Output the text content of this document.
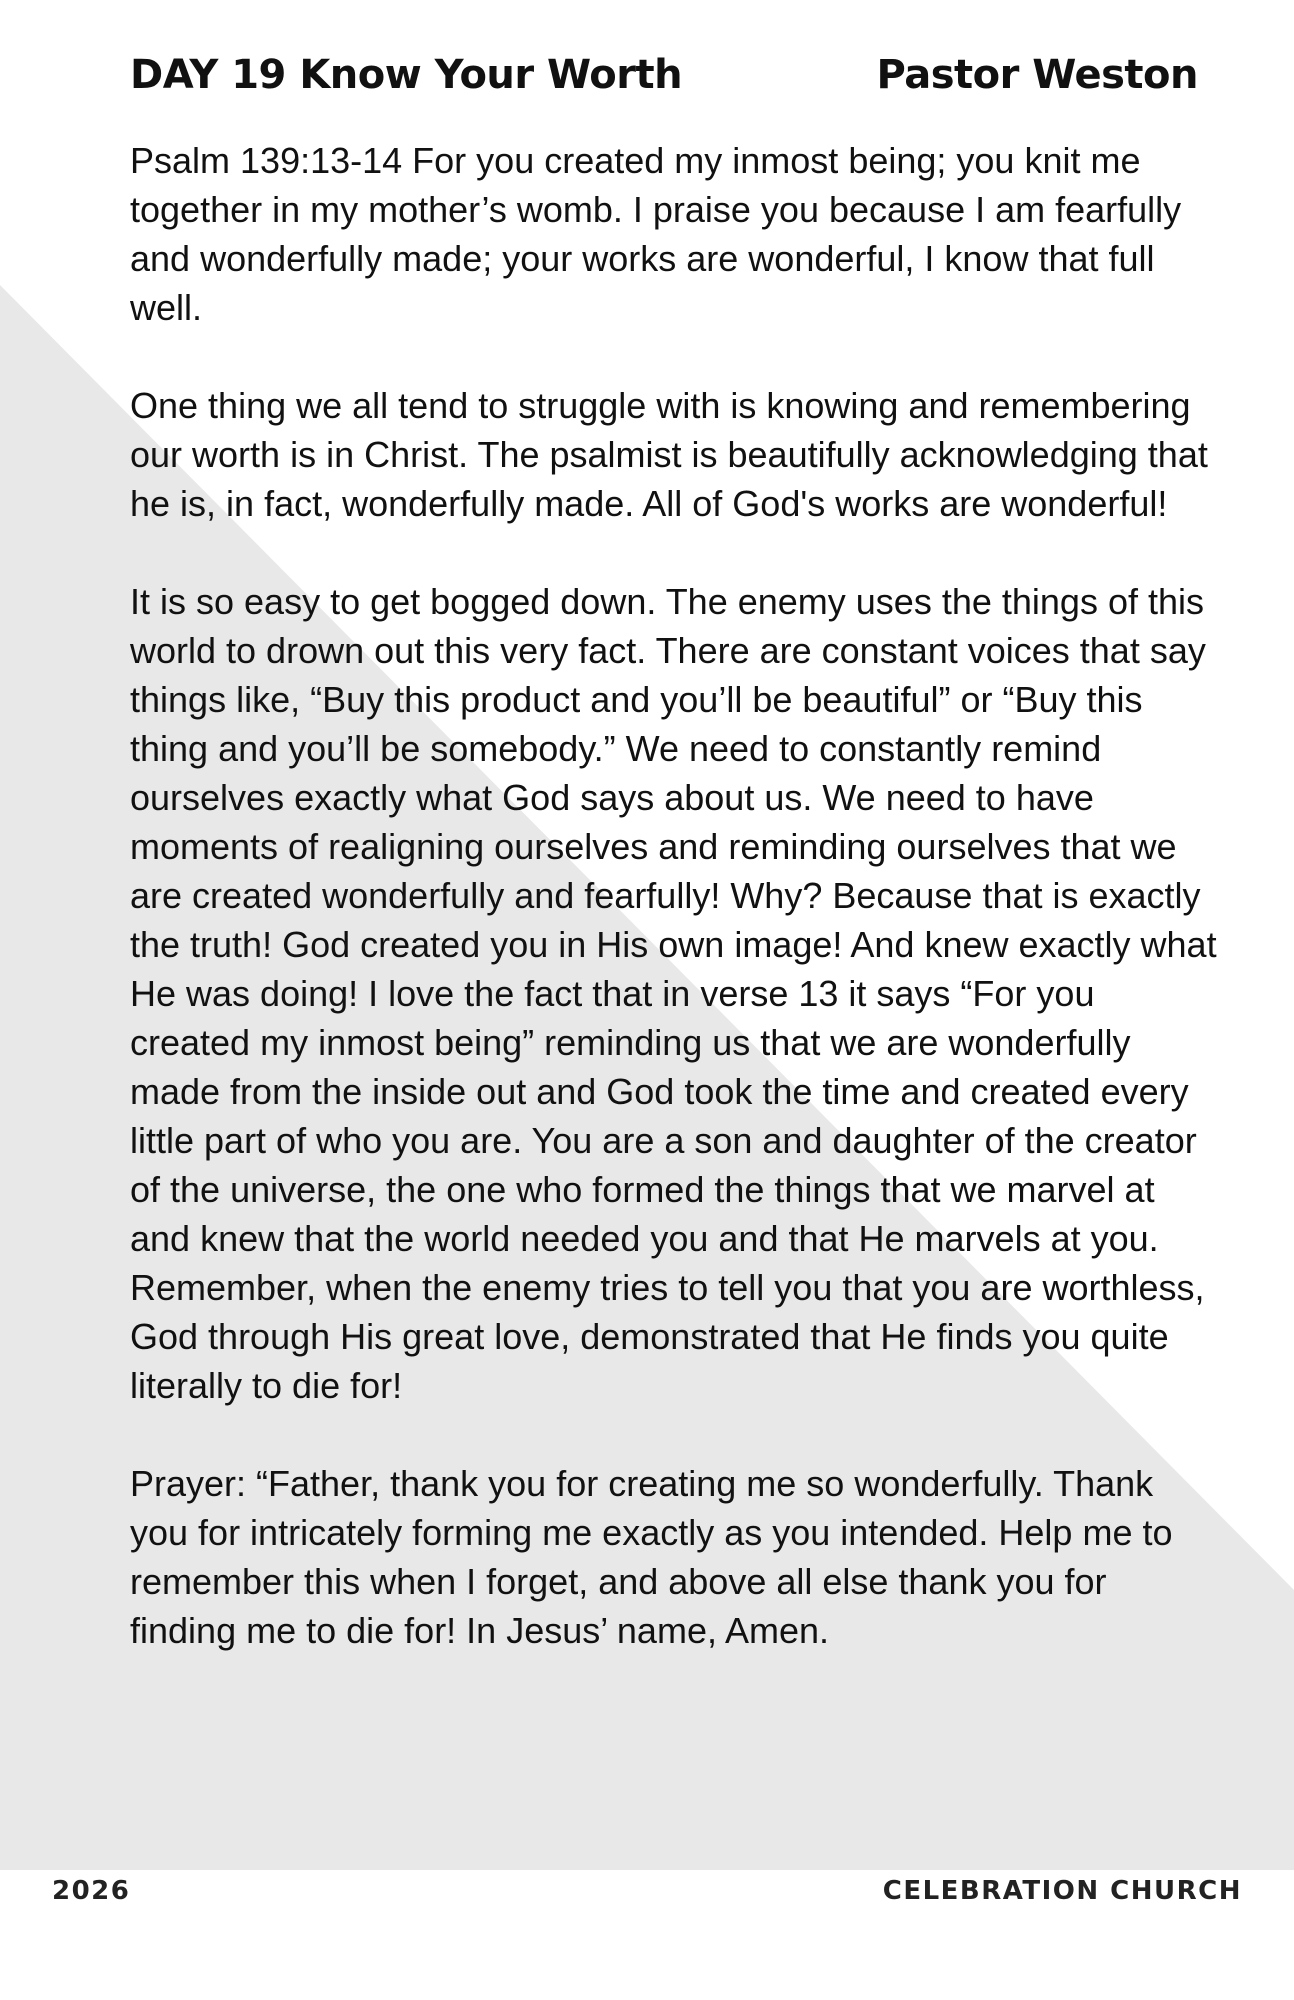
DAY 19 Know Your Worth	Pastor Weston

Psalm 139:13-14 For you created my inmost being; you knit me together in my mother’s womb. I praise you because I am fearfully and wonderfully made; your works are wonderful, I know that full well.

One thing we all tend to struggle with is knowing and remembering our worth is in Christ. The psalmist is beautifully acknowledging that he is, in fact, wonderfully made. All of God's works are wonderful!

It is so easy to get bogged down. The enemy uses the things of this world to drown out this very fact. There are constant voices that say things like, “Buy this product and you’ll be beautiful” or “Buy this thing and you’ll be somebody.” We need to constantly remind ourselves exactly what God says about us. We need to have moments of realigning ourselves and reminding ourselves that we are created wonderfully and fearfully! Why? Because that is exactly the truth! God created you in His own image! And knew exactly what He was doing! I love the fact that in verse 13 it says “For you created my inmost being” reminding us that we are wonderfully made from the inside out and God took the time and created every little part of who you are. You are a son and daughter of the creator of the universe, the one who formed the things that we marvel at and knew that the world needed you and that He marvels at you. Remember, when the enemy tries to tell you that you are worthless, God through His great love, demonstrated that He finds you quite literally to die for!

Prayer: “Father, thank you for creating me so wonderfully. Thank you for intricately forming me exactly as you intended. Help me to remember this when I forget, and above all else thank you for finding me to die for! In Jesus’ name, Amen.

2026	CELEBRATION CHURCH
